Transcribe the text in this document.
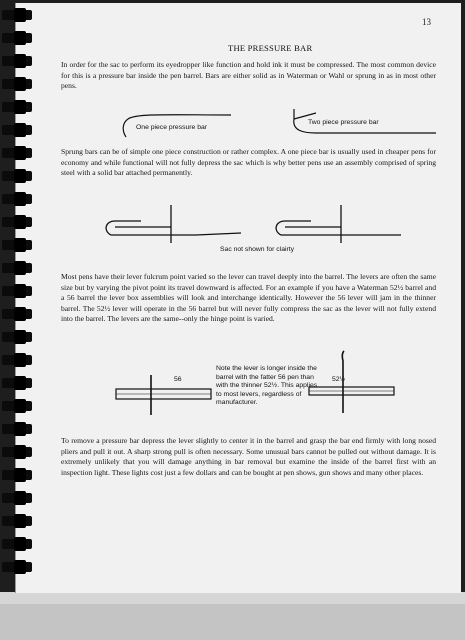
13
THE PRESSURE BAR
In order for the sac to perform its eyedropper like function and hold ink it must be compressed. The most common device for this is a pressure bar inside the pen barrel. Bars are either solid as in Waterman or Wahl or sprung in as in most other pens.
One piece pressure bar
Two piece pressure bar
Sprung bars can be of simple one piece construction or rather complex. A one piece bar is usually used in cheaper pens for economy and while functional will not fully depress the sac which is why better pens use an assembly comprised of spring steel with a solid bar attached permanently.
Sac not shown for clairty
Most pens have their lever fulcrum point varied so the lever can travel deeply into the barrel. The levers are often the same size but by varying the pivot point its travel downward is affected. For an example if you have a Waterman 52½ barrel and a 56 barrel the lever box assemblies will look and interchange identically. However the 56 lever will jam in the thinner barrel. The 52½ lever will operate in the 56 barrel but will never fully compress the sac as the lever will not fully extend into the barrel. The levers are the same--only the hinge point is varied.
56	52½
Note the lever is longer inside the barrel with the fatter 56 pen than with the thinner 52½. This applies to most levers, regardless of manufacturer.
To remove a pressure bar depress the lever slightly to center it in the barrel and grasp the bar end firmly with long nosed pliers and pull it out. A sharp strong pull is often necessary. Some unusual bars cannot be pulled out without damage. It is extremely unlikely that you will damage anything in bar removal but examine the inside of the barrel first with an inspection light. These lights cost just a few dollars and can be bought at pen shows, gun shows and many other places.
